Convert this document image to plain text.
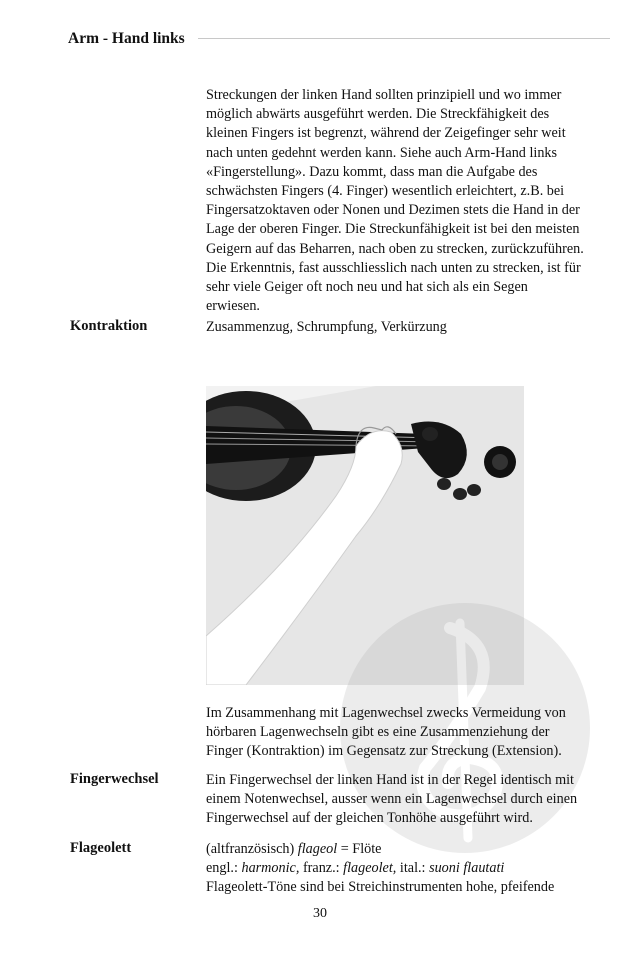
Arm - Hand links

Streckungen der linken Hand sollten prinzipiell und wo immer
möglich abwärts ausgeführt werden. Die Streckfähigkeit des
kleinen Fingers ist begrenzt, während der Zeigefinger sehr weit
nach unten gedehnt werden kann. Siehe auch Arm-Hand links
«Fingerstellung». Dazu kommt, dass man die Aufgabe des
schwächsten Fingers (4. Finger) wesentlich erleichtert, z.B. bei
Fingersatzoktaven oder Nonen und Dezimen stets die Hand in der
Lage der oberen Finger. Die Streckunfähigkeit ist bei den meisten
Geigern auf das Beharren, nach oben zu strecken, zurückzuführen.
Die Erkenntnis, fast ausschliesslich nach unten zu strecken, ist für
sehr viele Geiger oft noch neu und hat sich als ein Segen
erwiesen.

Kontraktion	Zusammenzug, Schrumpfung, Verkürzung

Im Zusammenhang mit Lagenwechsel zwecks Vermeidung von
hörbaren Lagenwechseln gibt es eine Zusammenziehung der
Finger (Kontraktion) im Gegensatz zur Streckung (Extension).

Fingerwechsel	Ein Fingerwechsel der linken Hand ist in der Regel identisch mit
einem Notenwechsel, ausser wenn ein Lagenwechsel durch einen
Fingerwechsel auf der gleichen Tonhöhe ausgeführt wird.

Flageolett	(altfranzösisch) flageol = Flöte
engl.: harmonic, franz.: flageolet, ital.: suoni flautati
Flageolett-Töne sind bei Streichinstrumenten hohe, pfeifende

30
